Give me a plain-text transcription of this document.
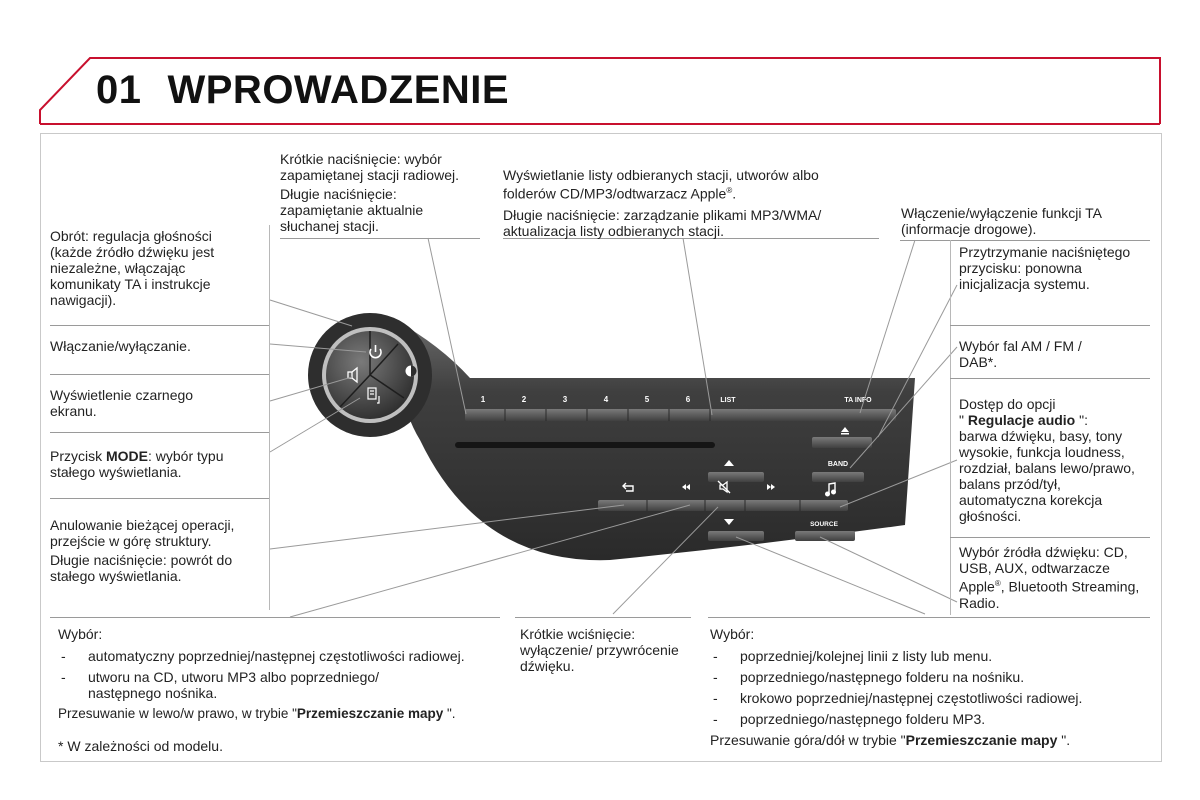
01 WPROWADZENIE
1	2	3	4	5	6	LIST	TA INFO
BAND
SOURCE
Obrót: regulacja głośności (każde źródło dźwięku jest niezależne, włączając komunikaty TA i instrukcje nawigacji).
Włączanie/wyłączanie.
Wyświetlenie czarnego ekranu.
Przycisk MODE: wybór typu stałego wyświetlania.
Anulowanie bieżącej operacji, przejście w górę struktury.
Długie naciśnięcie: powrót do stałego wyświetlania.
Krótkie naciśnięcie: wybór zapamiętanej stacji radiowej.
Długie naciśnięcie: zapamiętanie aktualnie słuchanej stacji.
Wyświetlanie listy odbieranych stacji, utworów albo folderów CD/MP3/odtwarzacz Apple®.
Długie naciśnięcie: zarządzanie plikami MP3/WMA/ aktualizacja listy odbieranych stacji.
Włączenie/wyłączenie funkcji TA (informacje drogowe).
Przytrzymanie naciśniętego przycisku: ponowna inicjalizacja systemu.
Wybór fal AM / FM / DAB*.
Dostęp do opcji
" Regulacje audio ":
barwa dźwięku, basy, tony wysokie, funkcja loudness, rozdział, balans lewo/prawo, balans przód/tył, automatyczna korekcja głośności.
Wybór źródła dźwięku: CD, USB, AUX, odtwarzacze Apple®, Bluetooth Streaming, Radio.
Wybór:
- automatyczny poprzedniej/następnej częstotliwości radiowej.
- utworu na CD, utworu MP3 albo poprzedniego/ następnego nośnika.
Przesuwanie w lewo/w prawo, w trybie "Przemieszczanie mapy ".
* W zależności od modelu.
Krótkie wciśnięcie: wyłączenie/ przywrócenie dźwięku.
Wybór:
- poprzedniej/kolejnej linii z listy lub menu.
- poprzedniego/następnego folderu na nośniku.
- krokowo poprzedniej/następnej częstotliwości radiowej.
- poprzedniego/następnego folderu MP3.
Przesuwanie góra/dół w trybie "Przemieszczanie mapy ".
